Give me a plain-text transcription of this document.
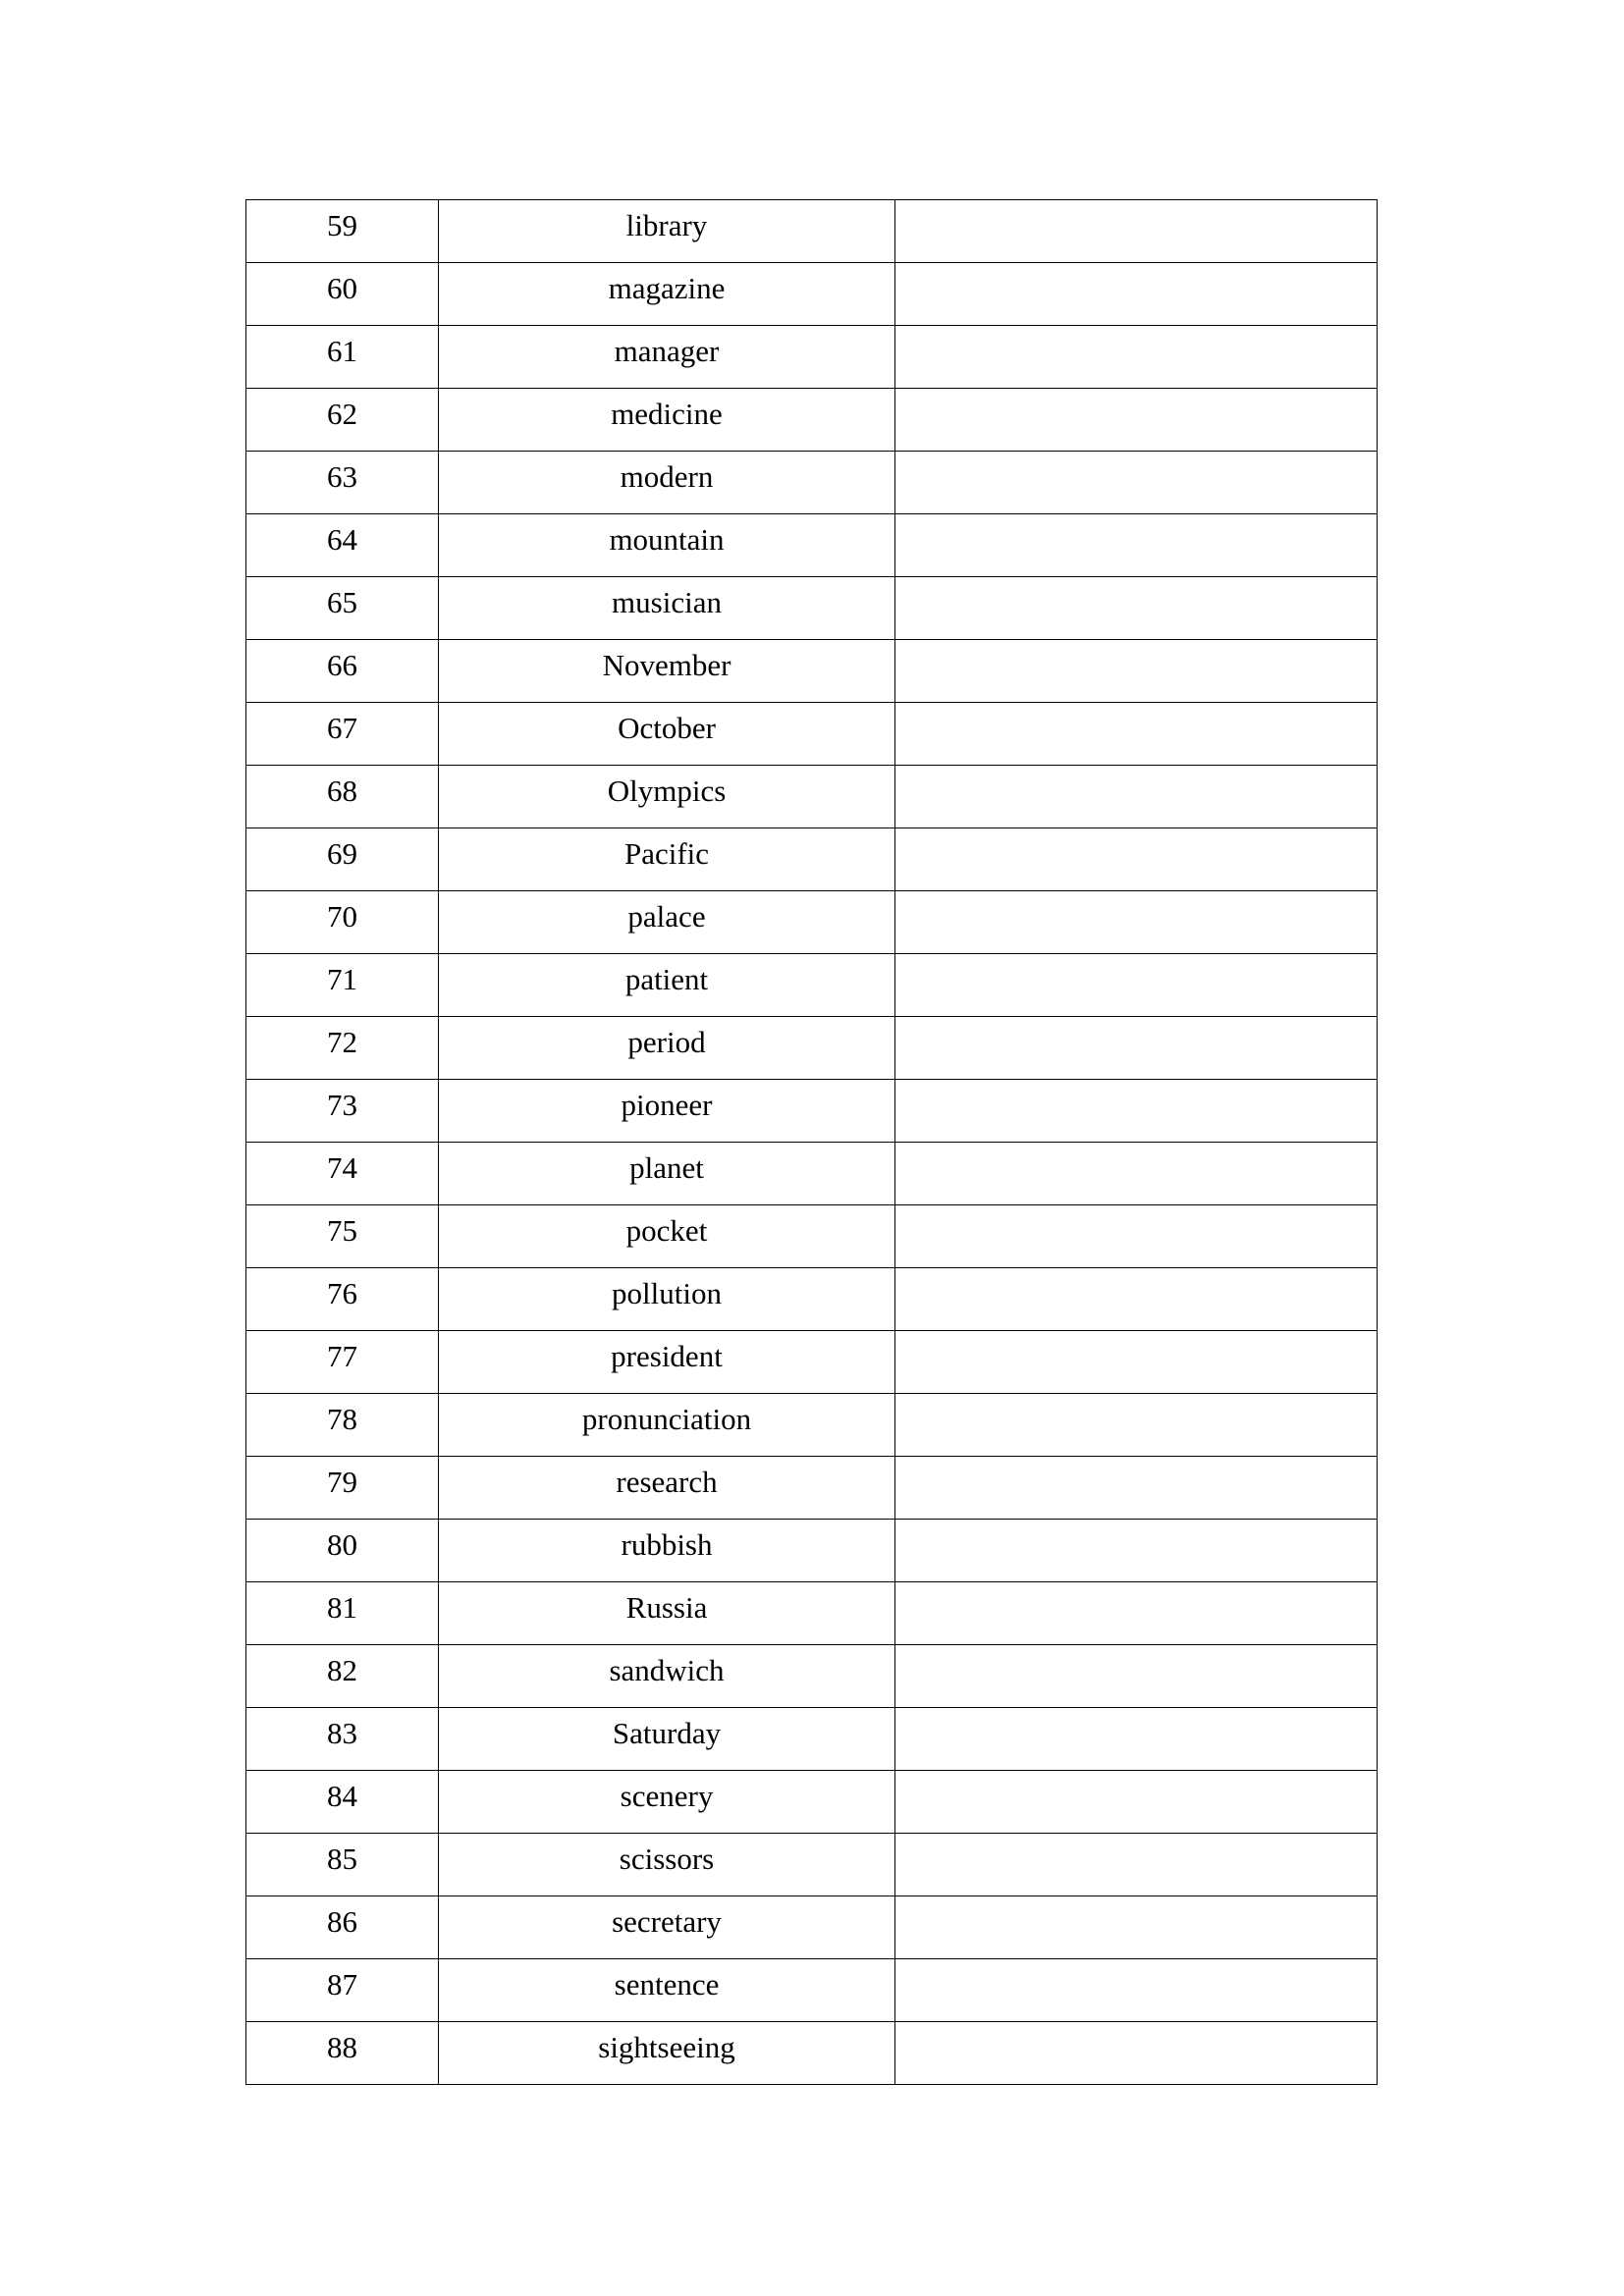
59	library	
60	magazine	
61	manager	
62	medicine	
63	modern	
64	mountain	
65	musician	
66	November	
67	October	
68	Olympics	
69	Pacific	
70	palace	
71	patient	
72	period	
73	pioneer	
74	planet	
75	pocket	
76	pollution	
77	president	
78	pronunciation	
79	research	
80	rubbish	
81	Russia	
82	sandwich	
83	Saturday	
84	scenery	
85	scissors	
86	secretary	
87	sentence	
88	sightseeing	
